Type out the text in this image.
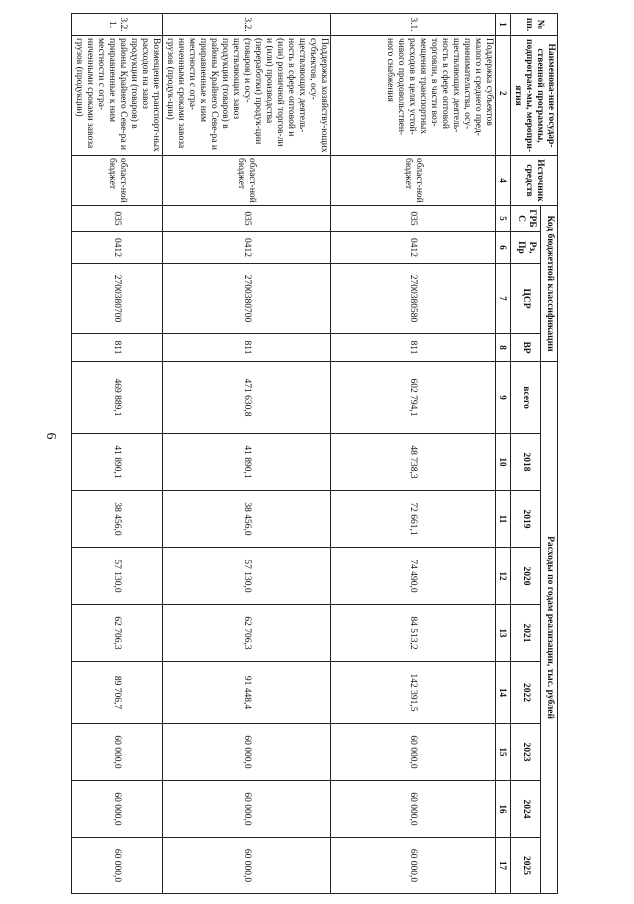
6
№ пп.	Наименова-ние государ-ственной программы, подпрограм-мы, меропри-ятия	Источник средств	Код бюджетной классификации				Расходы по годам реализации, тыс. рублей								
			ГРБ С	Рз, Пр	ЦСР	ВР	всего	2018	2019	2020	2021	2022	2023	2024	2025
1	2	4	5	6	7	8	9	10	11	12	13	14	15	16	17
3.1.	Поддержка субъектов малого и среднего пред-принимательства, осу-ществляющих деятель-ность в сфере оптовой торговли, в части воз-мещения транспортных расходов в целях устой-чивого продовольствен-ного снабжения	област-ной бюджет	035	0412	2700380580	811	602 794,1	48 738,3	72 661,1	74 490,0	84 513,2	142 391,5	60 000,0	60 000,0	60 000,0
3.2.	Поддержка хозяйству-ющих субъектов, осу-ществляющих деятель-ность в сфере оптовой и (или) розничной торгов-ли и (или) производства (переработки) продук-ции (товаров) и осу-ществляющих завоз продукции (товаров) в районы Крайнего Севе-ра и приравненные к ним местности с огра-ниченными сроками завоза грузов (продук-ции)	област-ной бюджет	035	0412	2700380700	811	471 630,8	41 890,1	38 456,0	57 130,0	62 706,3	91 448,4	60 000,0	60 000,0	60 000,0
3.2. 1.	Возмещение транспорт-ных расходов на завоз продукции (товаров) в районы Крайнего Севе-ра и приравненные к ним местности с огра-ниченными сроками завоза грузов (продукции)	област-ной бюджет	035	0412	2700380700	811	469 889,1	41 890,1	38 456,0	57 130,0	62 706,3	89 706,7	60 000,0	60 000,0	60 000,0
